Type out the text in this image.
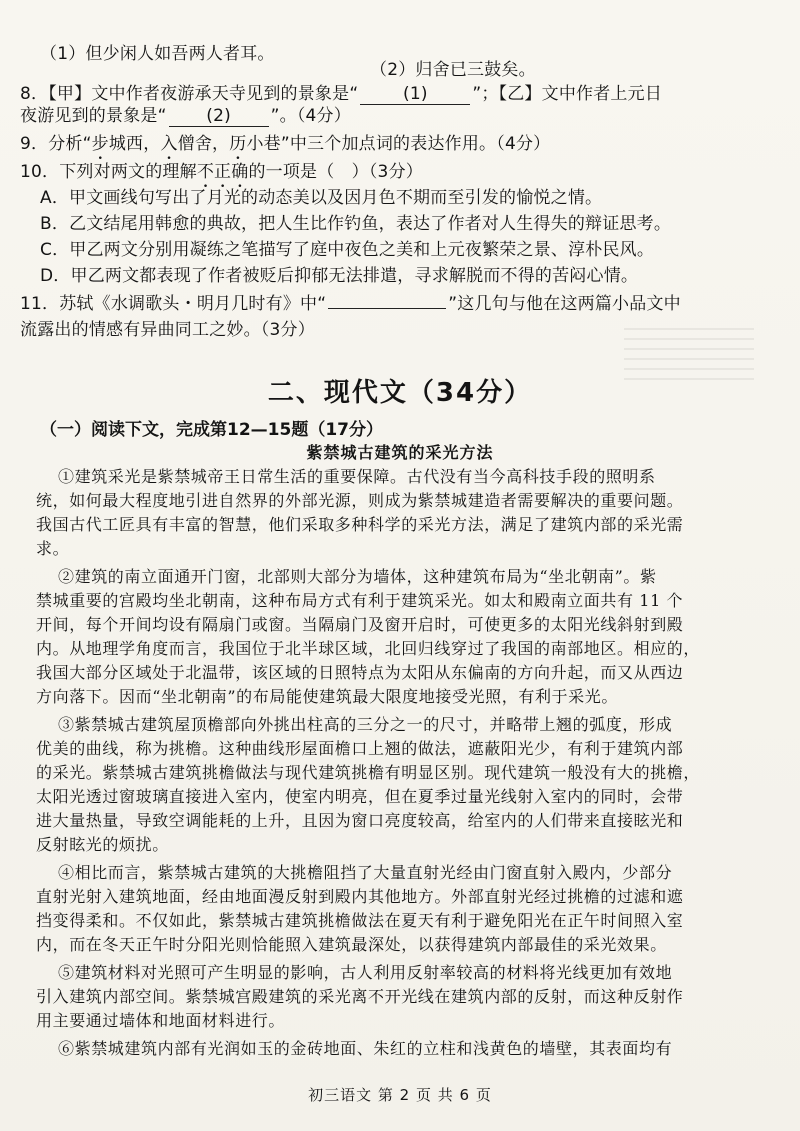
（1）但少闲人如吾两人者耳。
（2）归舍已三鼓矣。
8．【甲】文中作者夜游承天寺见到的景象是“	(1)	”；【乙】文中作者上元日
夜游见到的景象是“ (2) ”。（4分）
9．分析“步城西，入僧舍，历小巷”中三个加点词的表达作用。（4分）
10．下列对两文的理解不正确的一项是（　）（3分）
A．甲文画线句写出了月光的动态美以及因月色不期而至引发的愉悦之情。
B．乙文结尾用韩愈的典故，把人生比作钓鱼，表达了作者对人生得失的辩证思考。
C．甲乙两文分别用凝练之笔描写了庭中夜色之美和上元夜繁荣之景、淳朴民风。
D．甲乙两文都表现了作者被贬后抑郁无法排遣，寻求解脱而不得的苦闷心情。
11．苏轼《水调歌头・明月几时有》中“	”这几句与他在这两篇小品文中
流露出的情感有异曲同工之妙。（3分）
二、现代文（34分）
（一）阅读下文，完成第12—15题（17分）
紫禁城古建筑的采光方法
①建筑采光是紫禁城帝王日常生活的重要保障。古代没有当今高科技手段的照明系
统，如何最大程度地引进自然界的外部光源，则成为紫禁城建造者需要解决的重要问题。
我国古代工匠具有丰富的智慧，他们采取多种科学的采光方法，满足了建筑内部的采光需
求。
②建筑的南立面通开门窗，北部则大部分为墙体，这种建筑布局为“坐北朝南”。紫
禁城重要的宫殿均坐北朝南，这种布局方式有利于建筑采光。如太和殿南立面共有 11 个
开间，每个开间均设有隔扇门或窗。当隔扇门及窗开启时，可使更多的太阳光线斜射到殿
内。从地理学角度而言，我国位于北半球区域，北回归线穿过了我国的南部地区。相应的，
我国大部分区域处于北温带，该区域的日照特点为太阳从东偏南的方向升起，而又从西边
方向落下。因而“坐北朝南”的布局能使建筑最大限度地接受光照，有利于采光。
③紫禁城古建筑屋顶檐部向外挑出柱高的三分之一的尺寸，并略带上翘的弧度，形成
优美的曲线，称为挑檐。这种曲线形屋面檐口上翘的做法，遮蔽阳光少，有利于建筑内部
的采光。紫禁城古建筑挑檐做法与现代建筑挑檐有明显区别。现代建筑一般没有大的挑檐，
太阳光透过窗玻璃直接进入室内，使室内明亮，但在夏季过量光线射入室内的同时，会带
进大量热量，导致空调能耗的上升，且因为窗口亮度较高，给室内的人们带来直接眩光和
反射眩光的烦扰。
④相比而言，紫禁城古建筑的大挑檐阻挡了大量直射光经由门窗直射入殿内，少部分
直射光射入建筑地面，经由地面漫反射到殿内其他地方。外部直射光经过挑檐的过滤和遮
挡变得柔和。不仅如此，紫禁城古建筑挑檐做法在夏天有利于避免阳光在正午时间照入室
内，而在冬天正午时分阳光则恰能照入建筑最深处，以获得建筑内部最佳的采光效果。
⑤建筑材料对光照可产生明显的影响，古人利用反射率较高的材料将光线更加有效地
引入建筑内部空间。紫禁城宫殿建筑的采光离不开光线在建筑内部的反射，而这种反射作
用主要通过墙体和地面材料进行。
⑥紫禁城建筑内部有光润如玉的金砖地面、朱红的立柱和浅黄色的墙壁，其表面均有
初三语文 第 2 页 共 6 页
